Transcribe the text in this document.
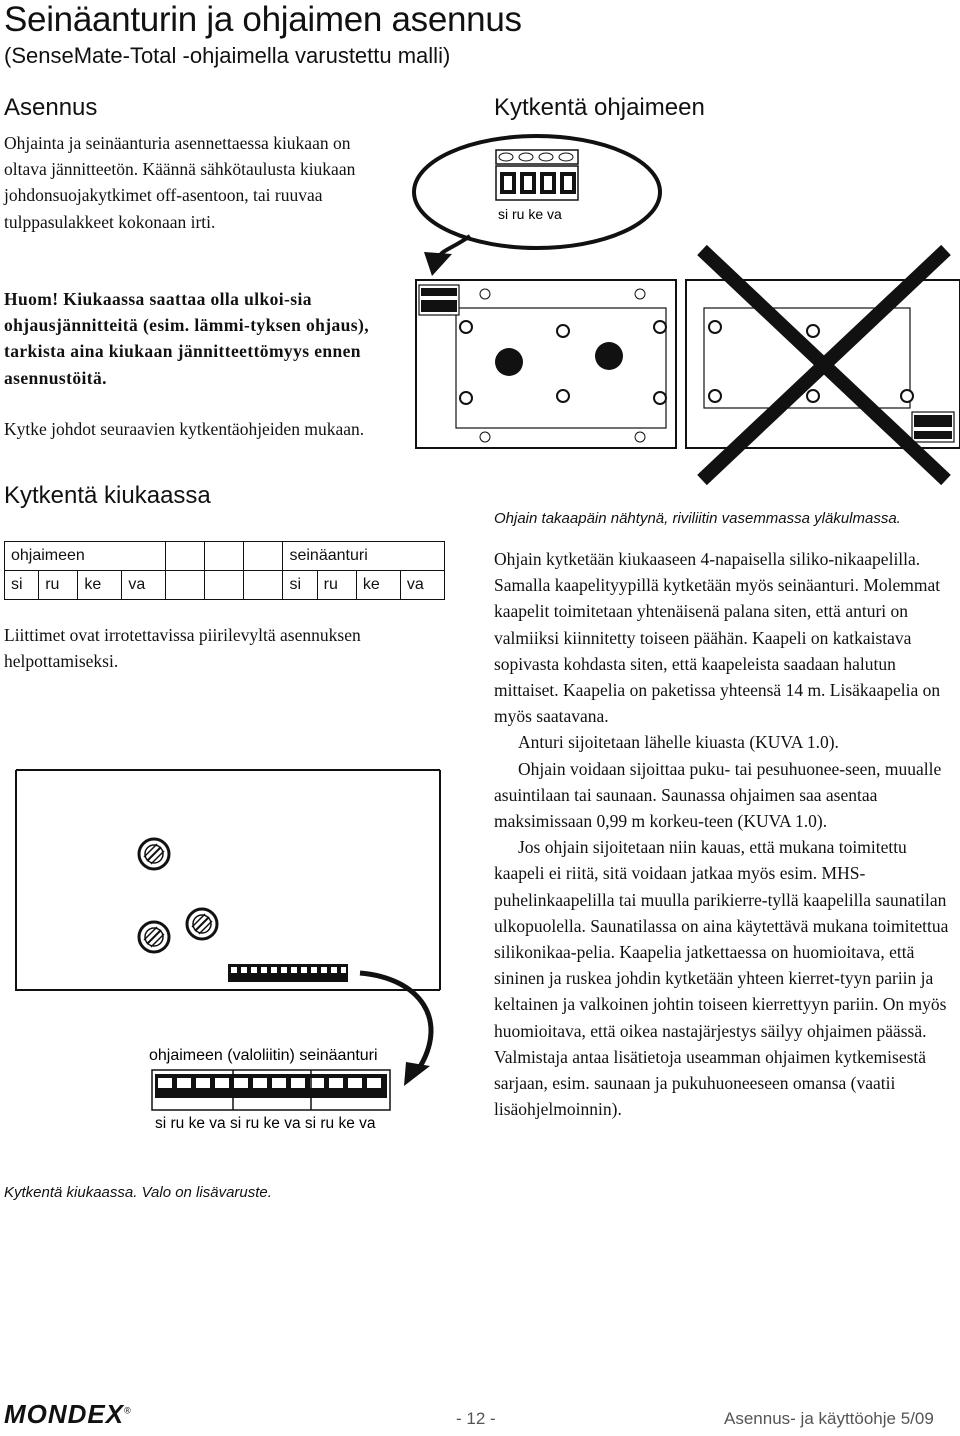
Seinäanturin ja ohjaimen asennus
(SenseMate-Total -ohjaimella varustettu malli)
Asennus
Ohjainta ja seinäanturia asennettaessa kiukaan on oltava jännitteetön. Käännä sähkötaulusta kiukaan johdonsuojakytkimet off-asentoon, tai ruuvaa tulppasulakkeet kokonaan irti.
Huom! Kiukaassa saattaa olla ulkoi-sia ohjausjännitteitä (esim. lämmi-tyksen ohjaus), tarkista aina kiukaan jännitteettömyys ennen asennustöitä.
Kytke johdot seuraavien kytkentäohjeiden mukaan.
Kytkentä kiukaassa
ohjaimeen							seinäanturi			
si	ru	ke	va				si	ru	ke	va
Liittimet ovat irrotettavissa piirilevyltä asennuksen helpottamiseksi.
ohjaimeen (valoliitin) seinäanturi
si ru ke va si ru ke va si ru ke va
Kytkentä kiukaassa. Valo on lisävaruste.
Kytkentä ohjaimeen
si ru ke va
Ohjain takaapäin nähtynä, riviliitin vasemmassa yläkulmassa.

Ohjain kytketään kiukaaseen 4-napaisella siliko-nikaapelilla. Samalla kaapelityypillä kytketään myös seinäanturi. Molemmat kaapelit toimitetaan yhtenäisenä palana siten, että anturi on valmiiksi kiinnitetty toiseen päähän. Kaapeli on katkaistava sopivasta kohdasta siten, että kaapeleista saadaan halutun mittaiset. Kaapelia on paketissa yhteensä 14 m. Lisäkaapelia on myös saatavana.

Anturi sijoitetaan lähelle kiuasta (KUVA 1.0).

Ohjain voidaan sijoittaa puku- tai pesuhuonee-seen, muualle asuintilaan tai saunaan. Saunassa ohjaimen saa asentaa maksimissaan 0,99 m korkeu-teen (KUVA 1.0).

Jos ohjain sijoitetaan niin kauas, että mukana toimitettu kaapeli ei riitä, sitä voidaan jatkaa myös esim. MHS-puhelinkaapelilla tai muulla parikierre-tyllä kaapelilla saunatilan ulkopuolella. Saunatilassa on aina käytettävä mukana toimitettua silikonikaa-pelia. Kaapelia jatkettaessa on huomioitava, että sininen ja ruskea johdin kytketään yhteen kierret-tyyn pariin ja keltainen ja valkoinen johtin toiseen kierrettyyn pariin. On myös huomioitava, että oikea nastajärjestys säilyy ohjaimen päässä. Valmistaja antaa lisätietoja useamman ohjaimen kytkemisestä sarjaan, esim. saunaan ja pukuhuoneeseen omansa (vaatii lisäohjelmoinnin).

MONDEX®	- 12 -	Asennus- ja käyttöohje 5/09
